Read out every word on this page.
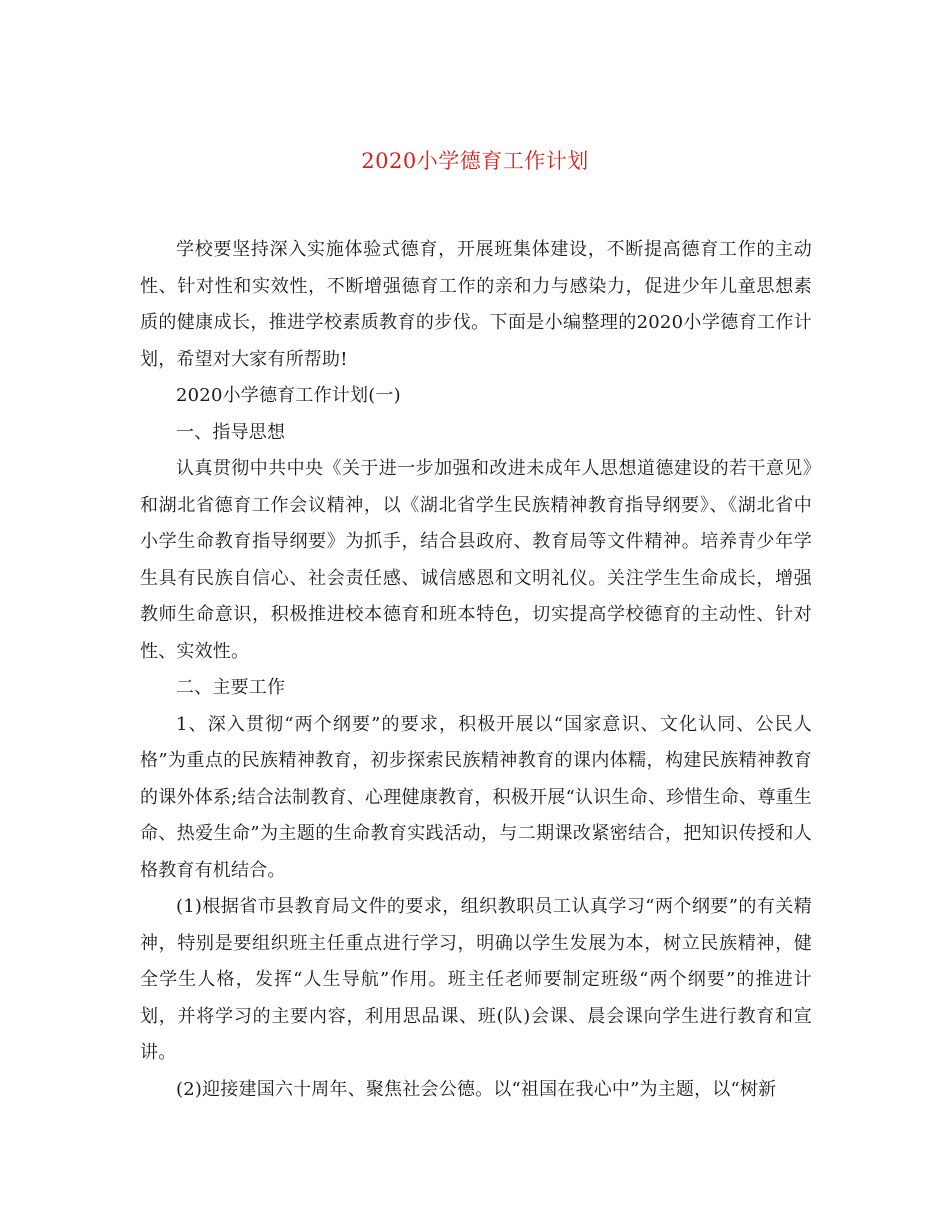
2020小学德育工作计划

学校要坚持深入实施体验式德育，开展班集体建设，不断提高德育工作的主动性、针对性和实效性，不断增强德育工作的亲和力与感染力，促进少年儿童思想素质的健康成长，推进学校素质教育的步伐。下面是小编整理的2020小学德育工作计划，希望对大家有所帮助!

2020小学德育工作计划(一)

一、指导思想

认真贯彻中共中央《关于进一步加强和改进未成年人思想道德建设的若干意见》和湖北省德育工作会议精神，以《湖北省学生民族精神教育指导纲要》、《湖北省中小学生命教育指导纲要》为抓手，结合县政府、教育局等文件精神。培养青少年学生具有民族自信心、社会责任感、诚信感恩和文明礼仪。关注学生生命成长，增强教师生命意识，积极推进校本德育和班本特色，切实提高学校德育的主动性、针对性、实效性。

二、主要工作

1、深入贯彻“两个纲要”的要求，积极开展以“国家意识、文化认同、公民人格”为重点的民族精神教育，初步探索民族精神教育的课内体糯，构建民族精神教育的课外体系;结合法制教育、心理健康教育，积极开展“认识生命、珍惜生命、尊重生命、热爱生命”为主题的生命教育实践活动，与二期课改紧密结合，把知识传授和人格教育有机结合。

(1)根据省市县教育局文件的要求，组织教职员工认真学习“两个纲要”的有关精神，特别是要组织班主任重点进行学习，明确以学生发展为本，树立民族精神，健全学生人格，发挥“人生导航”作用。班主任老师要制定班级“两个纲要”的推进计划，并将学习的主要内容，利用思品课、班(队)会课、晨会课向学生进行教育和宣讲。

(2)迎接建国六十周年、聚焦社会公德。以“祖国在我心中”为主题，以“树新
